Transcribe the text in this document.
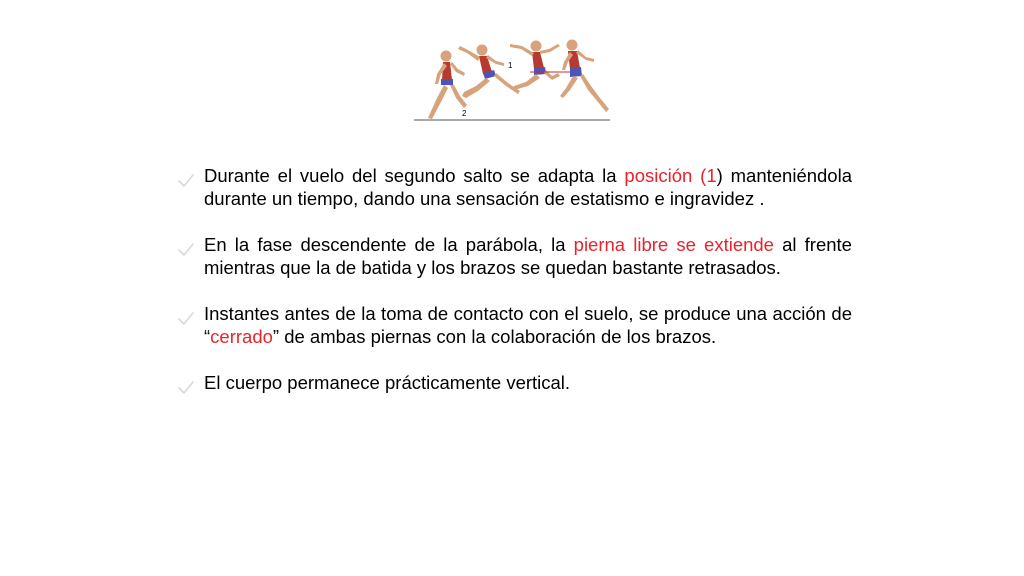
1
2
Durante el vuelo del segundo salto se adapta la posición (1) manteniéndola durante un tiempo, dando una sensación de estatismo e ingravidez .
En la fase descendente de la parábola, la pierna libre se extiende al frente mientras que la de batida y los brazos se quedan bastante retrasados.
Instantes antes de la toma de contacto con el suelo, se produce una acción de “cerrado” de ambas piernas con la colaboración de los brazos.
El cuerpo permanece prácticamente vertical.
